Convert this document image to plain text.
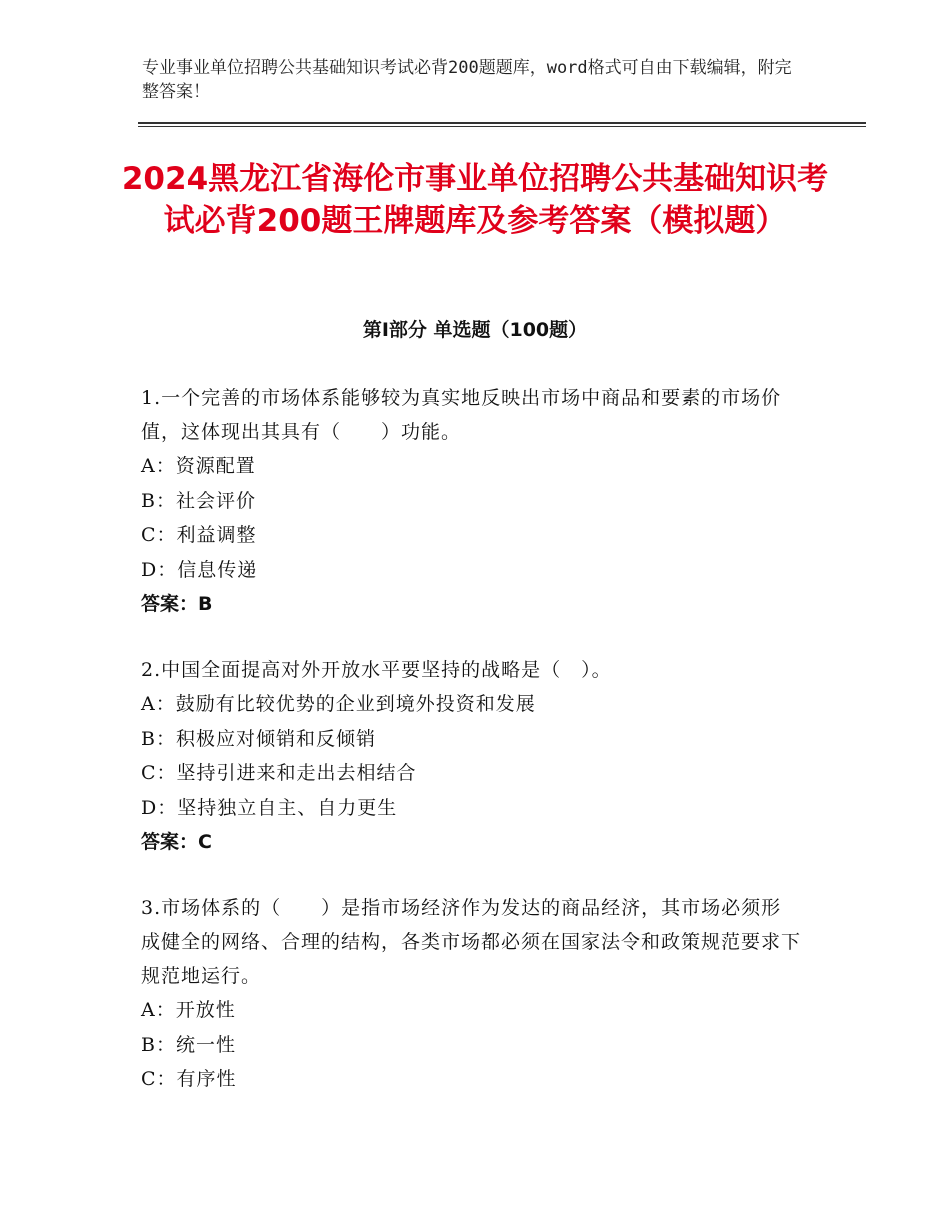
专业事业单位招聘公共基础知识考试必背200题题库，word格式可自由下载编辑，附完整答案！
2024黑龙江省海伦市事业单位招聘公共基础知识考试必背200题王牌题库及参考答案（模拟题）
第I部分 单选题（100题）
1.一个完善的市场体系能够较为真实地反映出市场中商品和要素的市场价值，这体现出其具有（　　）功能。
A：资源配置
B：社会评价
C：利益调整
D：信息传递
答案：B
2.中国全面提高对外开放水平要坚持的战略是（　）。
A：鼓励有比较优势的企业到境外投资和发展
B：积极应对倾销和反倾销
C：坚持引进来和走出去相结合
D：坚持独立自主、自力更生
答案：C
3.市场体系的（　　）是指市场经济作为发达的商品经济，其市场必须形成健全的网络、合理的结构，各类市场都必须在国家法令和政策规范要求下规范地运行。
A：开放性
B：统一性
C：有序性
